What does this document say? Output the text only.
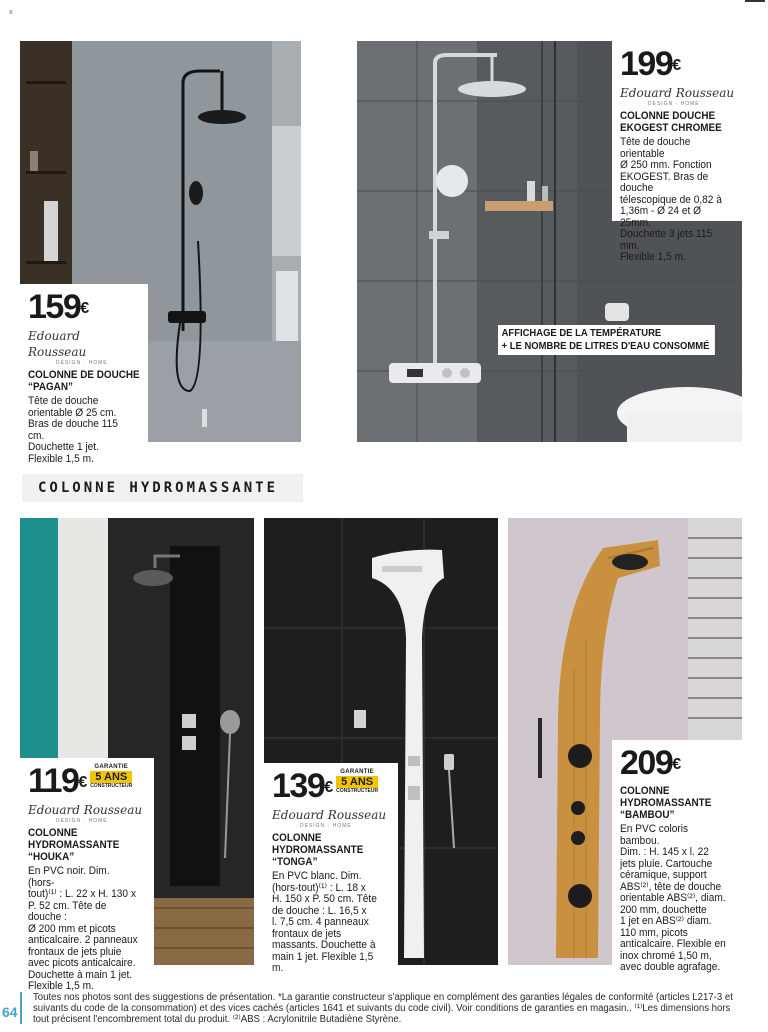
≡
159€
Edouard Rousseau
DESIGN · HOME
COLONNE DE DOUCHE
“PAGAN”
Tête de douche
orientable Ø 25 cm.
Bras de douche 115 cm.
Douchette 1 jet.
Flexible 1,5 m.
199€
Edouard Rousseau
DESIGN · HOME
COLONNE DOUCHE
EKOGEST CHROMEE
Tête de douche orientable
Ø 250 mm. Fonction
EKOGEST. Bras de douche
télescopique de 0,82 à
1,36m - Ø 24 et Ø 25mm.
Douchette 3 jets 115 mm.
Flexible 1,5 m.
AFFICHAGE DE LA TEMPÉRATURE
+ LE NOMBRE DE LITRES D'EAU CONSOMMÉ
COLONNE HYDROMASSANTE
119€
GARANTIE
5 ANS
CONSTRUCTEUR
Edouard Rousseau
DESIGN · HOME
COLONNE
HYDROMASSANTE
“HOUKA”
En PVC noir. Dim. (hors-
tout)⁽¹⁾ : L. 22 x H. 130 x
P. 52 cm. Tête de douche :
Ø 200 mm et picots
anticalcaire. 2 panneaux
frontaux de jets pluie
avec picots anticalcaire.
Douchette à main 1 jet.
Flexible 1,5 m.
139€
GARANTIE
5 ANS
CONSTRUCTEUR
Edouard Rousseau
DESIGN · HOME
COLONNE
HYDROMASSANTE
“TONGA”
En PVC blanc. Dim.
(hors-tout)⁽¹⁾ : L. 18 x
H. 150 x P. 50 cm. Tête
de douche : L. 16,5 x
l. 7,5 cm. 4 panneaux
frontaux de jets
massants. Douchette à
main 1 jet. Flexible 1,5 m.
209€
COLONNE
HYDROMASSANTE
“BAMBOU”
En PVC coloris bambou.
Dim. : H. 145 x l. 22
jets pluie. Cartouche
céramique, support
ABS⁽²⁾, tête de douche
orientable ABS⁽²⁾, diam.
200 mm, douchette
1 jet en ABS⁽²⁾ diam.
110 mm, picots
anticalcaire. Flexible en
inox chromé 1,50 m,
avec double agrafage.
64
Toutes nos photos sont des suggestions de présentation. *La garantie constructeur s'applique en complément des garanties légales de conformité (articles L217-3 et suivants du code de la consommation) et des vices cachés (articles 1641 et suivants du code civil). Voir conditions de garanties en magasin.. ⁽¹⁾Les dimensions hors tout précisent l'encombrement total du produit. ⁽²⁾ABS : Acrylonitrile Butadiène Styrène.
